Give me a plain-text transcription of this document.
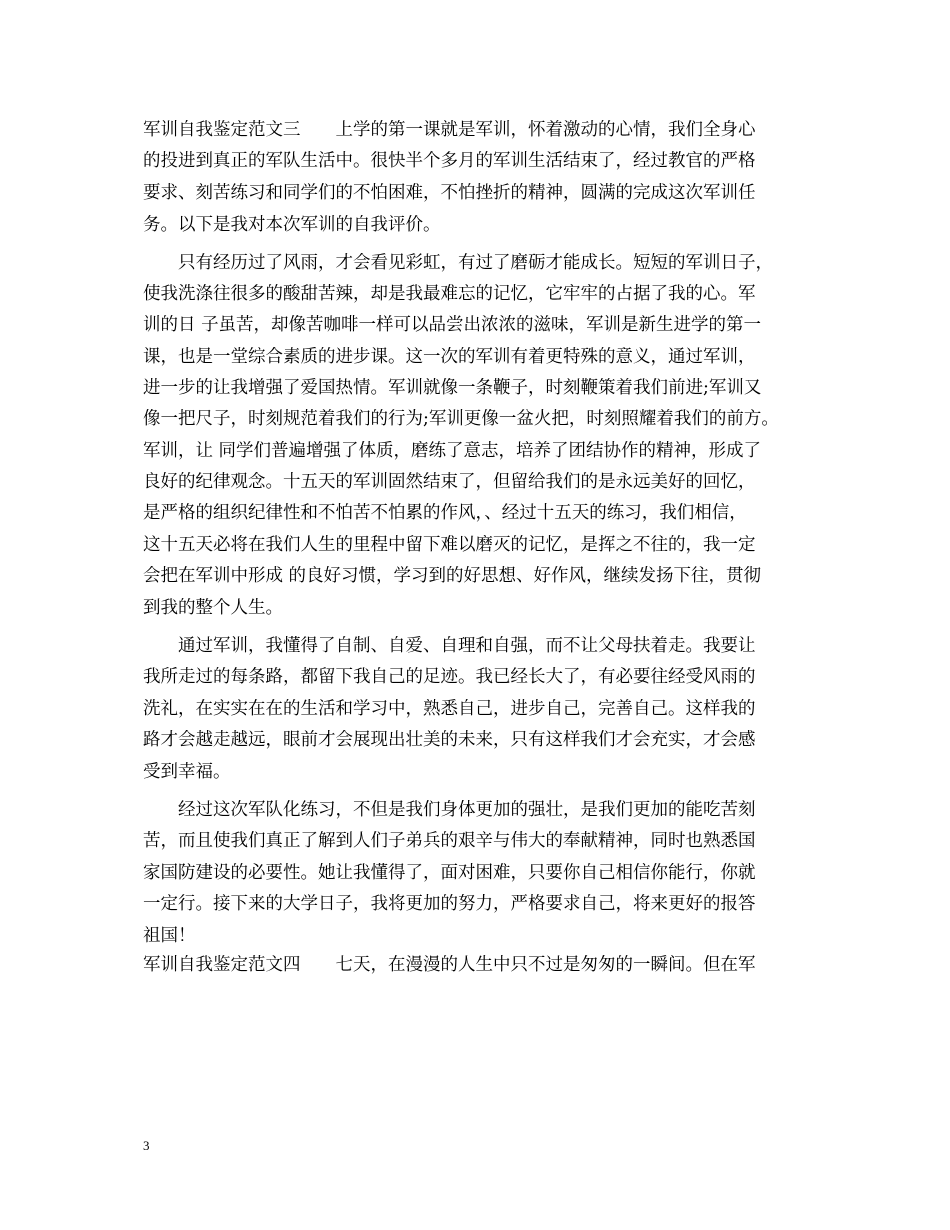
军训自我鉴定范文三　　上学的第一课就是军训，怀着激动的心情，我们全身心
的投进到真正的军队生活中。很快半个多月的军训生活结束了，经过教官的严格
要求、刻苦练习和同学们的不怕困难，不怕挫折的精神，圆满的完成这次军训任
务。以下是我对本次军训的自我评价。
　　只有经历过了风雨，才会看见彩虹，有过了磨砺才能成长。短短的军训日子，
使我洗涤往很多的酸甜苦辣，却是我最难忘的记忆，它牢牢的占据了我的心。军
训的日 子虽苦，却像苦咖啡一样可以品尝出浓浓的滋味，军训是新生进学的第一
课，也是一堂综合素质的进步课。这一次的军训有着更特殊的意义，通过军训，
进一步的让我增强了爱国热情。军训就像一条鞭子，时刻鞭策着我们前进;军训又
像一把尺子，时刻规范着我们的行为;军训更像一盆火把，时刻照耀着我们的前方。
军训，让 同学们普遍增强了体质，磨练了意志，培养了团结协作的精神，形成了
良好的纪律观念。十五天的军训固然结束了，但留给我们的是永远美好的回忆，
是严格的组织纪律性和不怕苦不怕累的作风，、经过十五天的练习，我们相信，
这十五天必将在我们人生的里程中留下难以磨灭的记忆，是挥之不往的，我一定
会把在军训中形成 的良好习惯，学习到的好思想、好作风，继续发扬下往，贯彻
到我的整个人生。
　　通过军训，我懂得了自制、自爱、自理和自强，而不让父母扶着走。我要让
我所走过的每条路，都留下我自己的足迹。我已经长大了，有必要往经受风雨的
洗礼，在实实在在的生活和学习中，熟悉自己，进步自己，完善自己。这样我的
路才会越走越远，眼前才会展现出壮美的未来，只有这样我们才会充实，才会感
受到幸福。
　　经过这次军队化练习，不但是我们身体更加的强壮，是我们更加的能吃苦刻
苦，而且使我们真正了解到人们子弟兵的艰辛与伟大的奉献精神，同时也熟悉国
家国防建设的必要性。她让我懂得了，面对困难，只要你自己相信你能行，你就
一定行。接下来的大学日子，我将更加的努力，严格要求自己，将来更好的报答
祖国！
军训自我鉴定范文四　　七天，在漫漫的人生中只不过是匆匆的一瞬间。但在军
3
